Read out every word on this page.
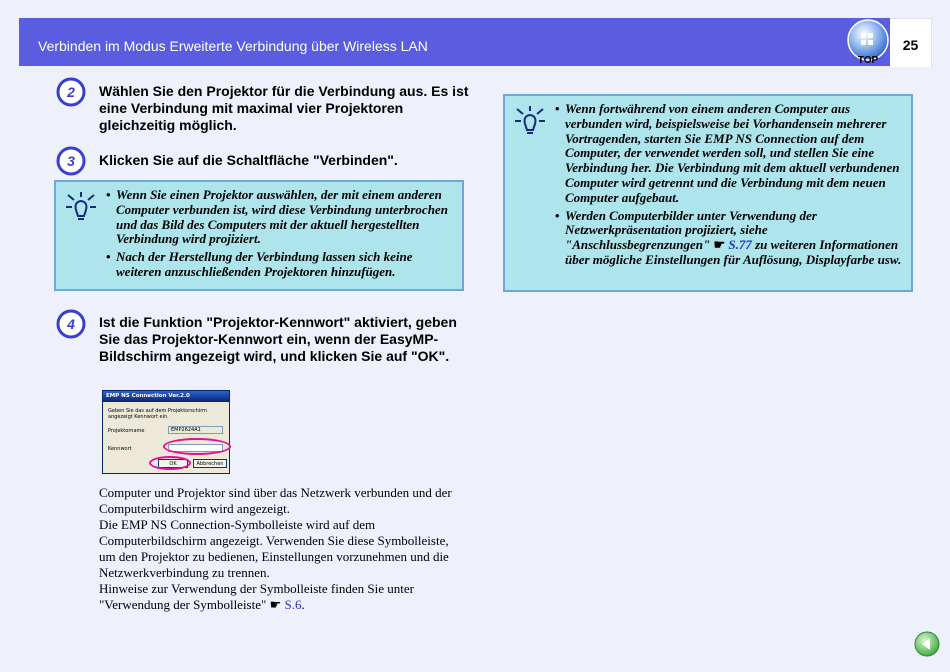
Verbinden im Modus Erweiterte Verbindung über Wireless LAN
TOP
25
2 Wählen Sie den Projektor für die Verbindung aus. Es ist eine Verbindung mit maximal vier Projektoren gleichzeitig möglich.
3 Klicken Sie auf die Schaltfläche "Verbinden".
• Wenn Sie einen Projektor auswählen, der mit einem anderen Computer verbunden ist, wird diese Verbindung unterbrochen und das Bild des Computers mit der aktuell hergestellten Verbindung wird projiziert.
• Nach der Herstellung der Verbindung lassen sich keine weiteren anzuschließenden Projektoren hinzufügen.
• Wenn fortwährend von einem anderen Computer aus verbunden wird, beispielsweise bei Vorhandensein mehrerer Vortragenden, starten Sie EMP NS Connection auf dem Computer, der verwendet werden soll, und stellen Sie eine Verbindung her. Die Verbindung mit dem aktuell verbundenen Computer wird getrennt und die Verbindung mit dem neuen Computer aufgebaut.
• Werden Computerbilder unter Verwendung der Netzwerkpräsentation projiziert, siehe "Anschlussbegrenzungen" ☛ S.77 zu weiteren Informationen über mögliche Einstellungen für Auflösung, Displayfarbe usw.
4 Ist die Funktion "Projektor-Kennwort" aktiviert, geben Sie das Projektor-Kennwort ein, wenn der EasyMP-Bildschirm angezeigt wird, und klicken Sie auf "OK".
EMP NS Connection Ver.2.0
Geben Sie das auf dem Projektorschirm angezeigt Kennwort ein.
Projektorname	EMP2624A1
Kennwort
OK	Abbrechen

Computer und Projektor sind über das Netzwerk verbunden und der Computerbildschirm wird angezeigt.

Die EMP NS Connection-Symbolleiste wird auf dem Computerbildschirm angezeigt. Verwenden Sie diese Symbolleiste, um den Projektor zu bedienen, Einstellungen vorzunehmen und die Netzwerkverbindung zu trennen.

Hinweise zur Verwendung der Symbolleiste finden Sie unter "Verwendung der Symbolleiste" ☛ S.6.
